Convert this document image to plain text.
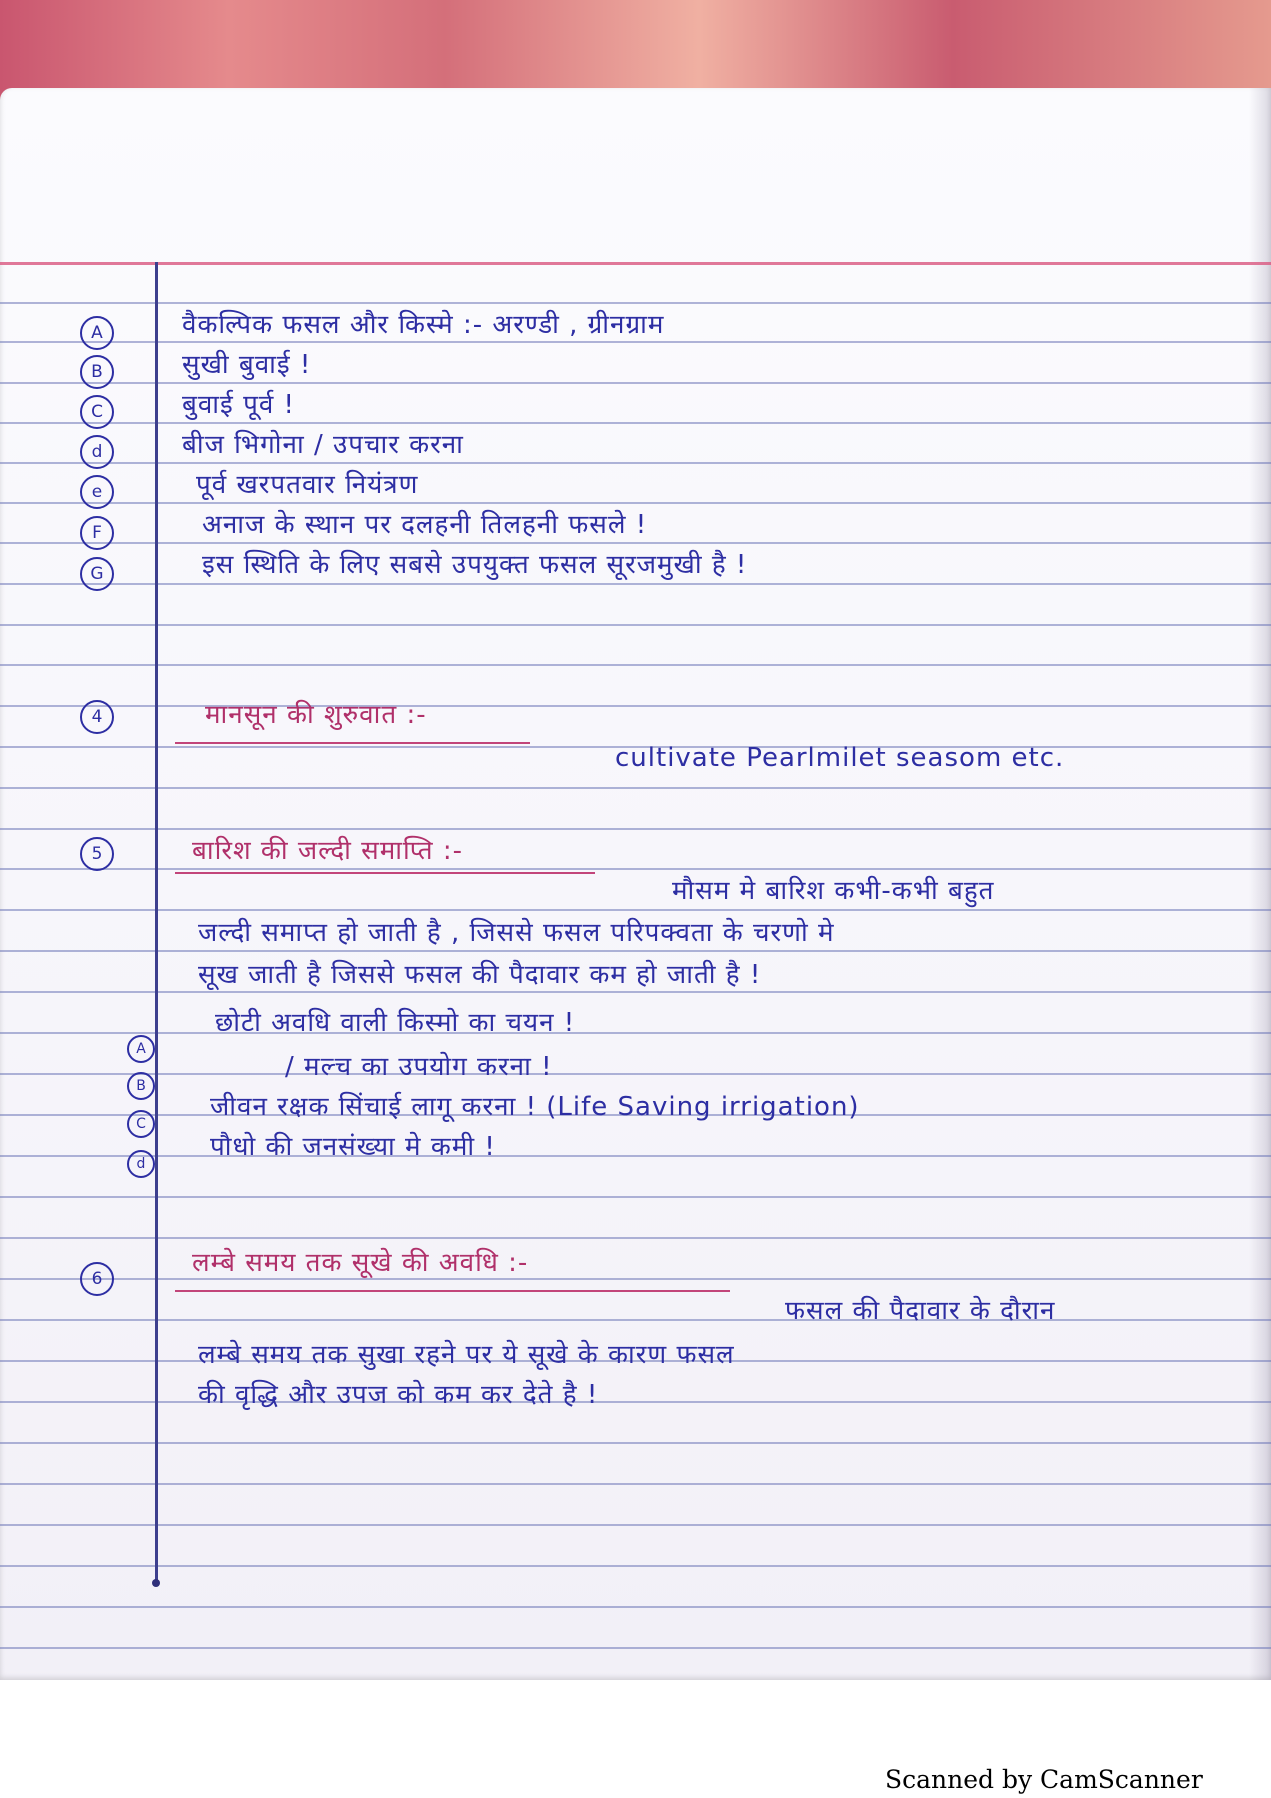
A	वैकल्पिक फसल और किस्मे :- अरण्डी , ग्रीनग्राम
B	सुखी बुवाई !
C	बुवाई पूर्व !
d	बीज भिगोना / उपचार करना
e	पूर्व खरपतवार नियंत्रण
F	अनाज के स्थान पर दलहनी तिलहनी फसले !
G	इस स्थिति के लिए सबसे उपयुक्त फसल सूरजमुखी है !
4	मानसून की शुरुवात :-
cultivate Pearlmilet seasom etc.
5	बारिश की जल्दी समाप्ति :-
मौसम मे बारिश कभी-कभी बहुत
जल्दी समाप्त हो जाती है , जिससे फसल परिपक्वता के चरणो मे
सूख जाती है जिससे फसल की पैदावार कम हो जाती है !
A
छोटी अवधि वाली किस्मो का चयन !
B
/ मल्च का उपयोग करना !
C
जीवन रक्षक सिंचाई लागू करना ! (Life Saving irrigation)
d
पौधो की जनसंख्या मे कमी !
6
लम्बे समय तक सूखे की अवधि :-
फसल की पैदावार के दौरान
लम्बे समय तक सुखा रहने पर ये सूखे के कारण फसल
की वृद्धि और उपज को कम कर देते है !
Scanned by CamScanner
